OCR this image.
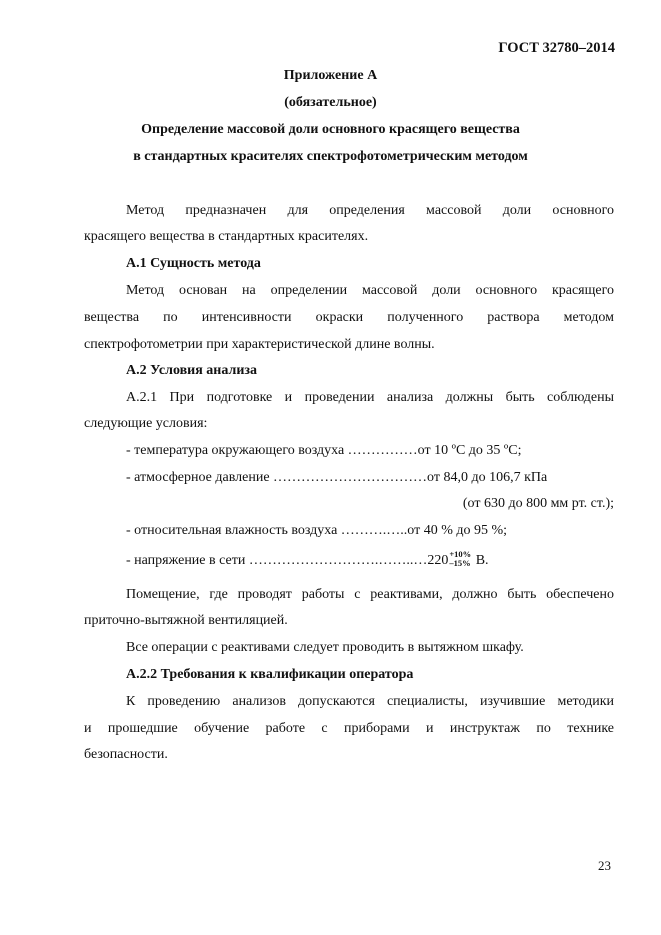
ГОСТ 32780–2014
Приложение А
(обязательное)
Определение массовой доли основного красящего вещества
в стандартных красителях спектрофотометрическим методом
Метод предназначен для определения массовой доли основного
красящего вещества в стандартных красителях.
А.1 Сущность метода
Метод основан на определении массовой доли основного красящего
вещества по интенсивности окраски полученного раствора методом
спектрофотометрии при характеристической длине волны.
А.2 Условия анализа
А.2.1 При подготовке и проведении анализа должны быть соблюдены
следующие условия:
- температура окружающего воздуха ……………от 10 ºС до 35 ºС;
- атмосферное давление ……………………………от 84,0 до 106,7 кПа
(от 630 до 800 мм рт. ст.);
- относительная влажность воздуха ……….…..от 40 % до 95 %;
- напряжение в сети ……………………….……..…220 +10%
–15% В.
Помещение, где проводят работы с реактивами, должно быть обеспечено
приточно-вытяжной вентиляцией.
Все операции с реактивами следует проводить в вытяжном шкафу.
А.2.2 Требования к квалификации оператора
К проведению анализов допускаются специалисты, изучившие методики
и прошедшие обучение работе с приборами и инструктаж по технике
безопасности.
23
